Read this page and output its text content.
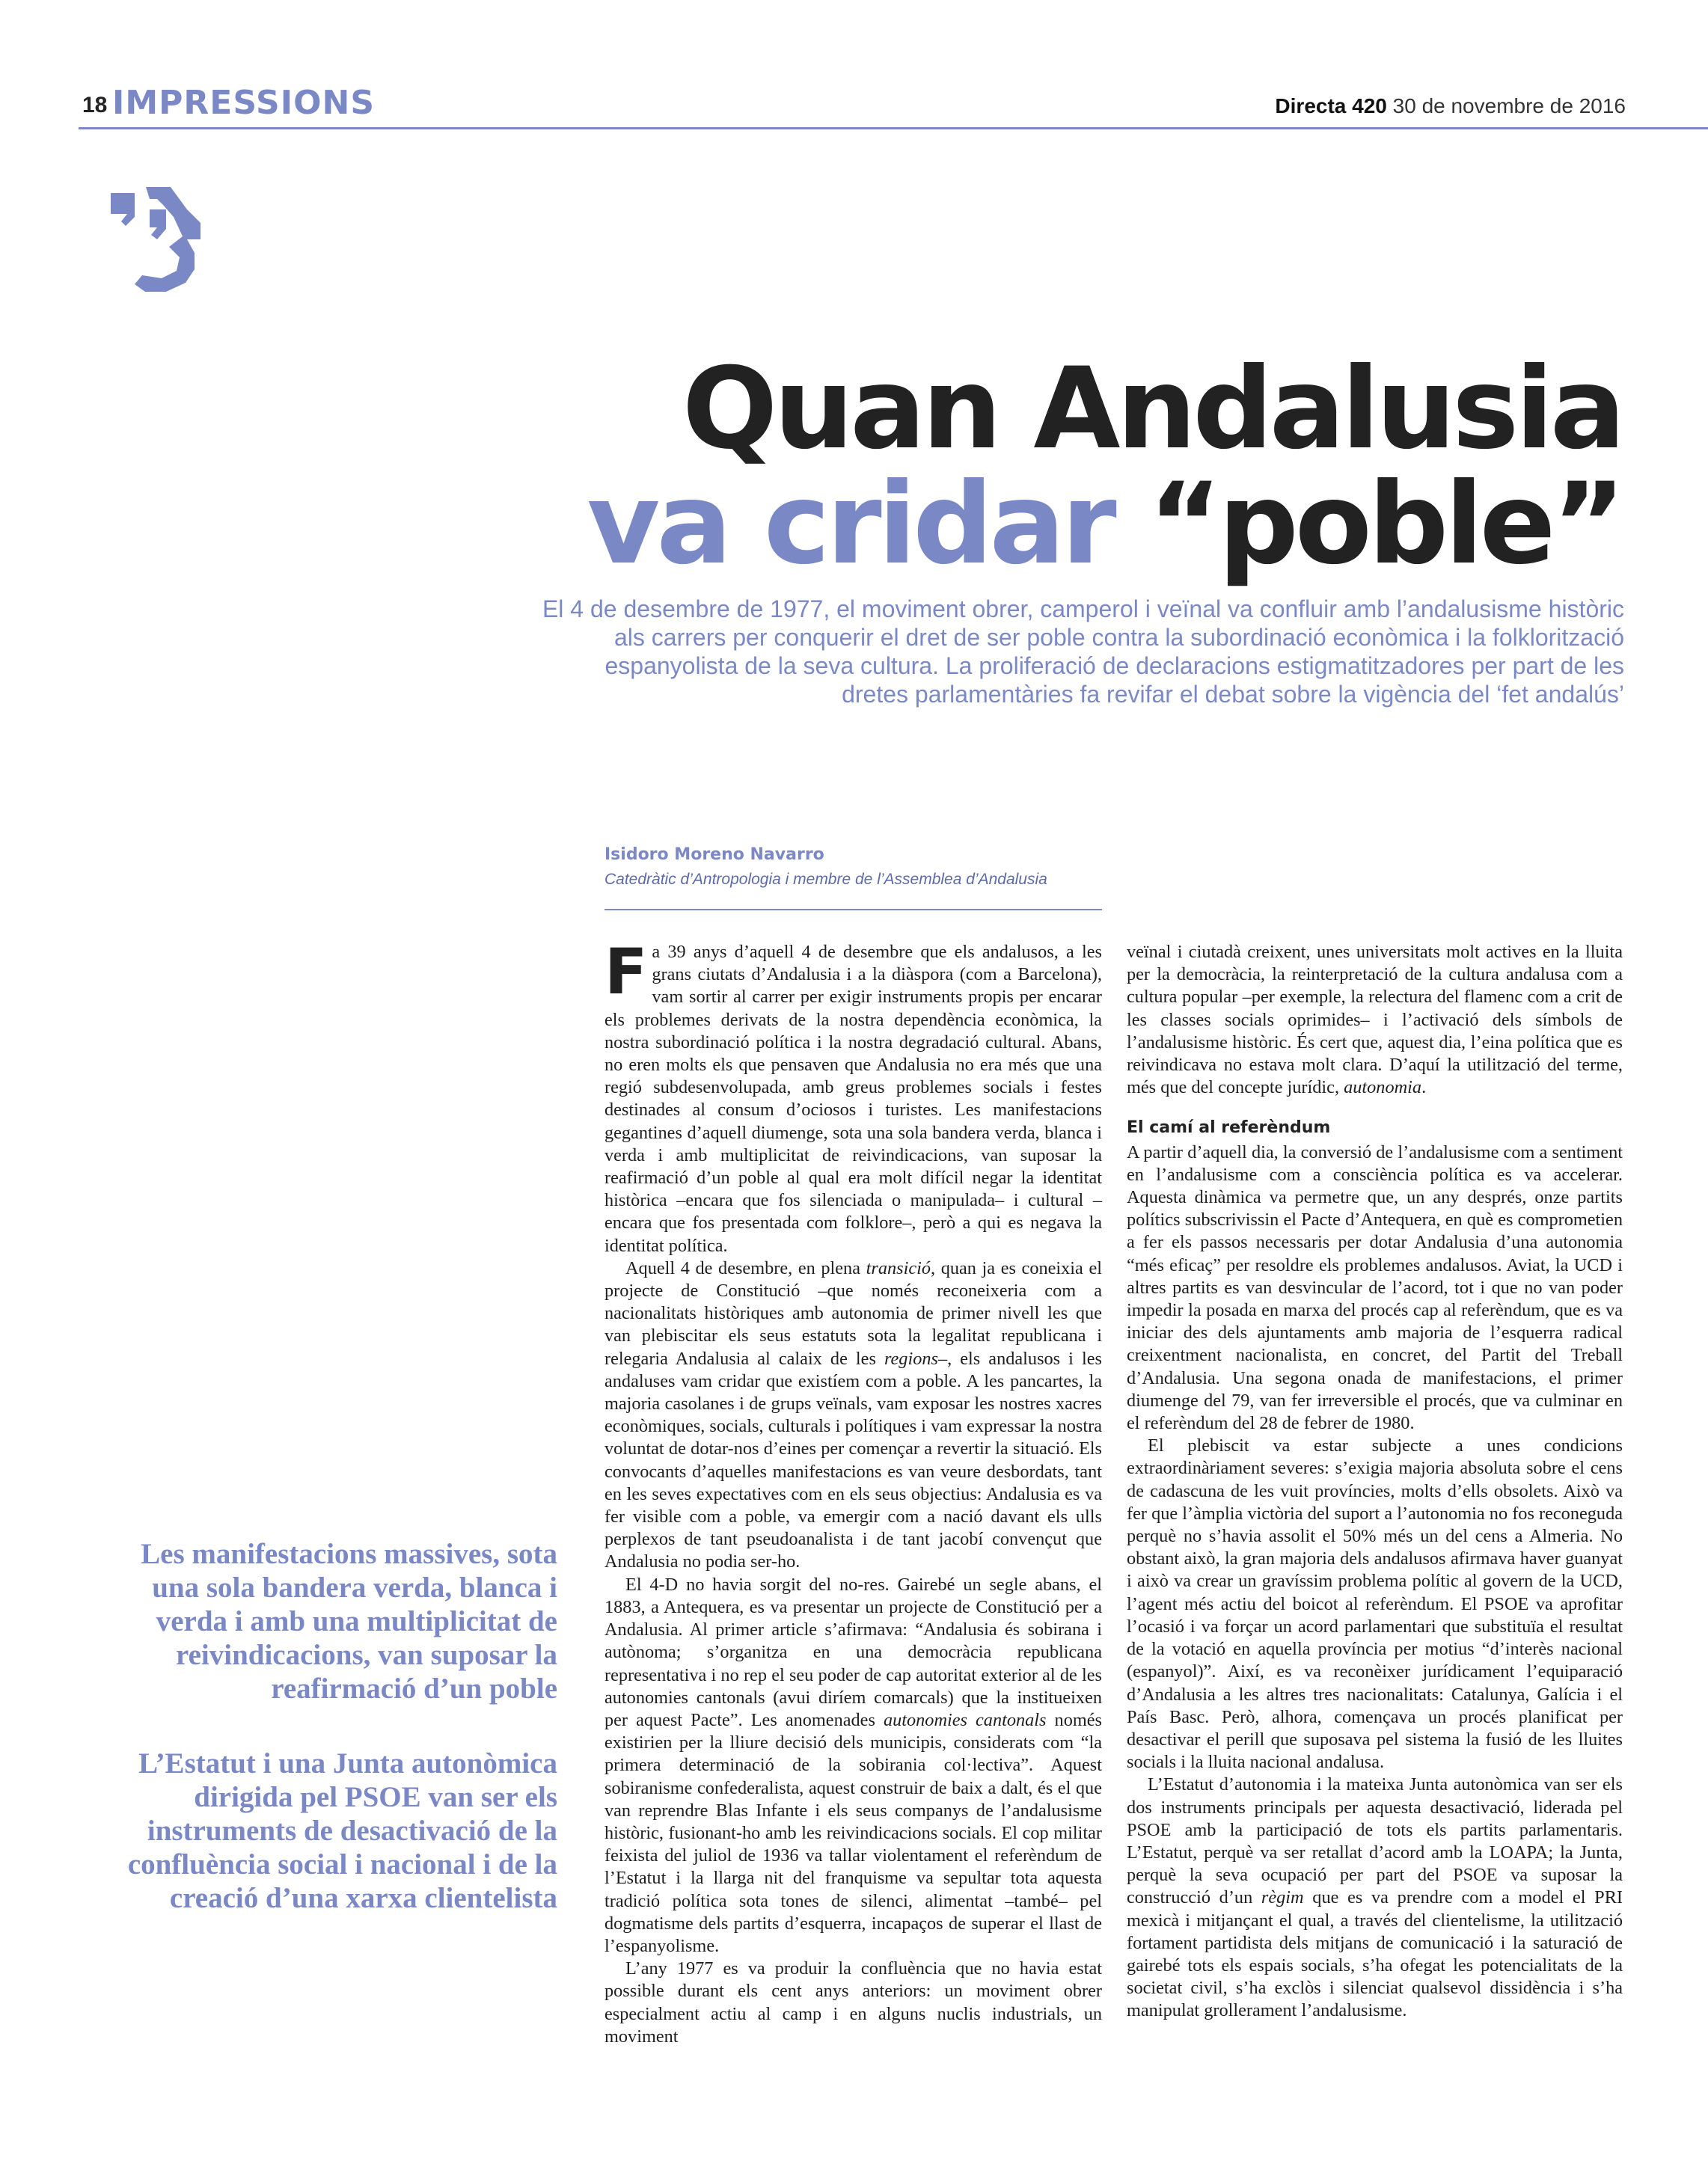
18 IMPRESSIONS	Directa 420 30 de novembre de 2016
Quan Andalusia
va cridar “poble”
El 4 de desembre de 1977, el moviment obrer, camperol i veïnal va confluir amb l’andalusisme històric als carrers per conquerir el dret de ser poble contra la subordinació econòmica i la folklorització espanyolista de la seva cultura. La proliferació de declaracions estigmatitzadores per part de les dretes parlamentàries fa revifar el debat sobre la vigència del ‘fet andalús’
Isidoro Moreno Navarro
Catedràtic d’Antropologia i membre de l’Assemblea d’Andalusia
Les manifestacions massives, sota una sola bandera verda, blanca i verda i amb una multiplicitat de reivindicacions, van suposar la reafirmació d’un poble
L’Estatut i una Junta autonòmica dirigida pel PSOE van ser els instruments de desactivació de la confluència social i nacional i de la creació d’una xarxa clientelista

Fa 39 anys d’aquell 4 de desembre que els andalusos, a les grans ciutats d’Andalusia i a la diàspora (com a Barcelona), vam sortir al carrer per exigir instruments propis per encarar els problemes derivats de la nostra dependència econòmica, la nostra subordinació política i la nostra degradació cultural. Abans, no eren molts els que pensaven que Andalusia no era més que una regió subdesenvolupada, amb greus problemes socials i festes destinades al consum d’ociosos i turistes. Les manifestacions gegantines d’aquell diumenge, sota una sola bandera verda, blanca i verda i amb multiplicitat de reivindicacions, van suposar la reafirmació d’un poble al qual era molt difícil negar la identitat històrica –encara que fos silenciada o manipulada– i cultural –encara que fos presentada com folklore–, però a qui es negava la identitat política.

Aquell 4 de desembre, en plena transició, quan ja es coneixia el projecte de Constitució –que només reconeixeria com a nacionalitats històriques amb autonomia de primer nivell les que van plebiscitar els seus estatuts sota la legalitat republicana i relegaria Andalusia al calaix de les regions–, els andalusos i les andaluses vam cridar que existíem com a poble. A les pancartes, la majoria casolanes i de grups veïnals, vam exposar les nostres xacres econòmiques, socials, culturals i polítiques i vam expressar la nostra voluntat de dotar-nos d’eines per començar a revertir la situació. Els convocants d’aquelles manifestacions es van veure desbordats, tant en les seves expectatives com en els seus objectius: Andalusia es va fer visible com a poble, va emergir com a nació davant els ulls perplexos de tant pseudoanalista i de tant jacobí convençut que Andalusia no podia ser-ho.

El 4-D no havia sorgit del no-res. Gairebé un segle abans, el 1883, a Antequera, es va presentar un projecte de Constitució per a Andalusia. Al primer article s’afirmava: “Andalusia és sobirana i autònoma; s’organitza en una democràcia republicana representativa i no rep el seu poder de cap autoritat exterior al de les autonomies cantonals (avui diríem comarcals) que la institueixen per aquest Pacte”. Les anomenades autonomies cantonals només existirien per la lliure decisió dels municipis, considerats com “la primera determinació de la sobirania col·lectiva”. Aquest sobiranisme confederalista, aquest construir de baix a dalt, és el que van reprendre Blas Infante i els seus companys de l’andalusisme històric, fusionant-ho amb les reivindicacions socials. El cop militar feixista del juliol de 1936 va tallar violentament el referèndum de l’Estatut i la llarga nit del franquisme va sepultar tota aquesta tradició política sota tones de silenci, alimentat –també– pel dogmatisme dels partits d’esquerra, incapaços de superar el llast de l’espanyolisme.

L’any 1977 es va produir la confluència que no havia estat possible durant els cent anys anteriors: un moviment obrer especialment actiu al camp i en alguns nuclis industrials, un moviment

veïnal i ciutadà creixent, unes universitats molt actives en la lluita per la democràcia, la reinterpretació de la cultura andalusa com a cultura popular –per exemple, la relectura del flamenc com a crit de les classes socials oprimides– i l’activació dels símbols de l’andalusisme històric. És cert que, aquest dia, l’eina política que es reivindicava no estava molt clara. D’aquí la utilització del terme, més que del concepte jurídic, autonomia.

El camí al referèndum

A partir d’aquell dia, la conversió de l’andalusisme com a sentiment en l’andalusisme com a consciència política es va accelerar. Aquesta dinàmica va permetre que, un any després, onze partits polítics subscrivissin el Pacte d’Antequera, en què es comprometien a fer els passos necessaris per dotar Andalusia d’una autonomia “més eficaç” per resoldre els problemes andalusos. Aviat, la UCD i altres partits es van desvincular de l’acord, tot i que no van poder impedir la posada en marxa del procés cap al referèndum, que es va iniciar des dels ajuntaments amb majoria de l’esquerra radical creixentment nacionalista, en concret, del Partit del Treball d’Andalusia. Una segona onada de manifestacions, el primer diumenge del 79, van fer irreversible el procés, que va culminar en el referèndum del 28 de febrer de 1980.

El plebiscit va estar subjecte a unes condicions extraordinàriament severes: s’exigia majoria absoluta sobre el cens de cadascuna de les vuit províncies, molts d’ells obsolets. Això va fer que l’àmplia victòria del suport a l’autonomia no fos reconeguda perquè no s’havia assolit el 50% més un del cens a Almeria. No obstant això, la gran majoria dels andalusos afirmava haver guanyat i això va crear un gravíssim problema polític al govern de la UCD, l’agent més actiu del boicot al referèndum. El PSOE va aprofitar l’ocasió i va forçar un acord parlamentari que substituïa el resultat de la votació en aquella província per motius “d’interès nacional (espanyol)”. Així, es va reconèixer jurídicament l’equiparació d’Andalusia a les altres tres nacionalitats: Catalunya, Galícia i el País Basc. Però, alhora, començava un procés planificat per desactivar el perill que suposava pel sistema la fusió de les lluites socials i la lluita nacional andalusa.

L’Estatut d’autonomia i la mateixa Junta autonòmica van ser els dos instruments principals per aquesta desactivació, liderada pel PSOE amb la participació de tots els partits parlamentaris. L’Estatut, perquè va ser retallat d’acord amb la LOAPA; la Junta, perquè la seva ocupació per part del PSOE va suposar la construcció d’un règim que es va prendre com a model el PRI mexicà i mitjançant el qual, a través del clientelisme, la utilització fortament partidista dels mitjans de comunicació i la saturació de gairebé tots els espais socials, s’ha ofegat les potencialitats de la societat civil, s’ha exclòs i silenciat qualsevol dissidència i s’ha manipulat grollerament l’andalusisme.
